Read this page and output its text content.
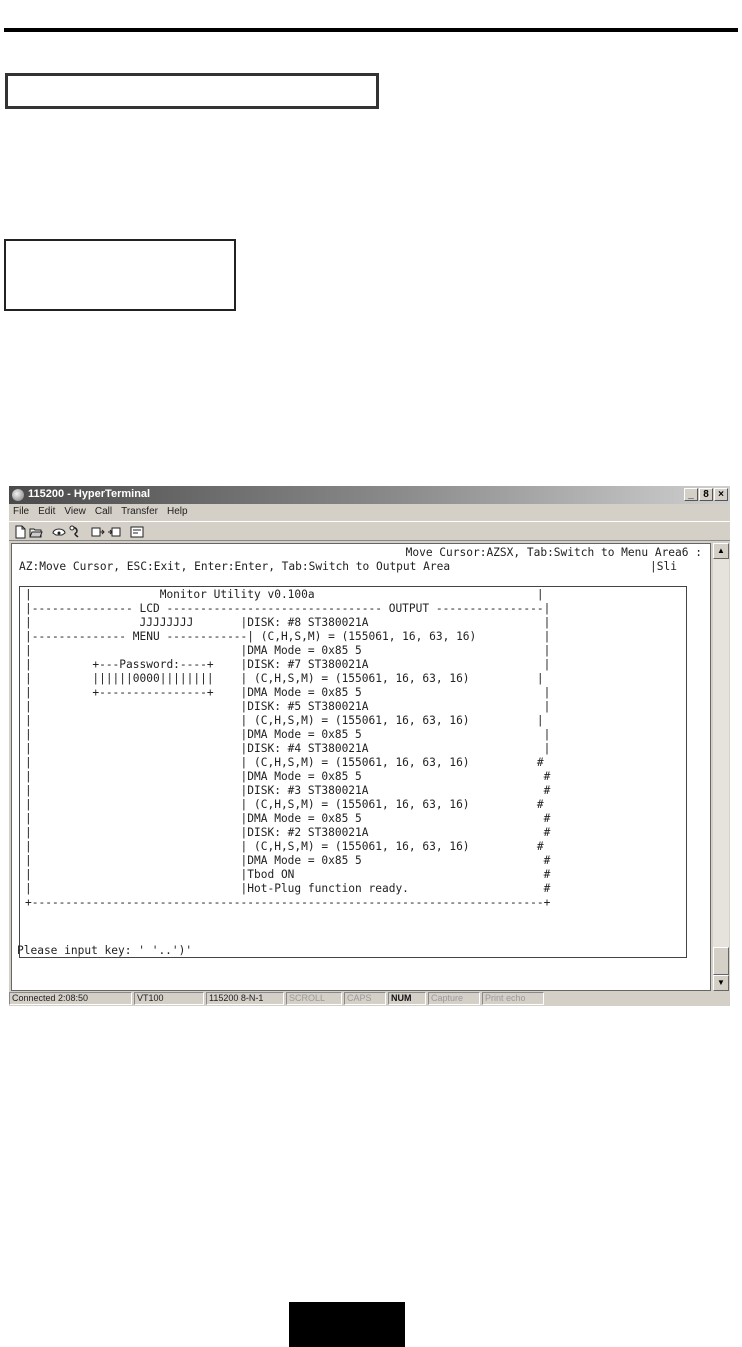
115200 - HyperTerminal	_ 8 ×
File Edit View Call Transfer Help
Move Cursor:AZSX, Tab:Switch to Menu Area6 :
AZ:Move Cursor, ESC:Exit, Enter:Enter, Tab:Switch to Output Area	|Sli
|                   Monitor Utility v0.100a                                 |
|--------------- LCD -------------------------------- OUTPUT ----------------|
|                JJJJJJJJ       |DISK: #8 ST380021A                          |
|-------------- MENU ------------| (C,H,S,M) = (155061, 16, 63, 16)          |
|                               |DMA Mode = 0x85 5                           |
|         +---Password:----+    |DISK: #7 ST380021A                          |
|         ||||||0000||||||||    | (C,H,S,M) = (155061, 16, 63, 16)          |
|         +----------------+    |DMA Mode = 0x85 5                           |
|                               |DISK: #5 ST380021A                          |
|                               | (C,H,S,M) = (155061, 16, 63, 16)          |
|                               |DMA Mode = 0x85 5                           |
|                               |DISK: #4 ST380021A                          |
|                               | (C,H,S,M) = (155061, 16, 63, 16)          #
|                               |DMA Mode = 0x85 5                           #
|                               |DISK: #3 ST380021A                          #
|                               | (C,H,S,M) = (155061, 16, 63, 16)          #
|                               |DMA Mode = 0x85 5                           #
|                               |DISK: #2 ST380021A                          #
|                               | (C,H,S,M) = (155061, 16, 63, 16)          #
|                               |DMA Mode = 0x85 5                           #
|                               |Tbod ON                                     #
|                               |Hot-Plug function ready.                    #
+----------------------------------------------------------------------------+
Please input key: ' '..')'
▲
▼
Connected 2:08:50	VT100	115200 8-N-1	SCROLL	CAPS	NUM	Capture	Print echo
